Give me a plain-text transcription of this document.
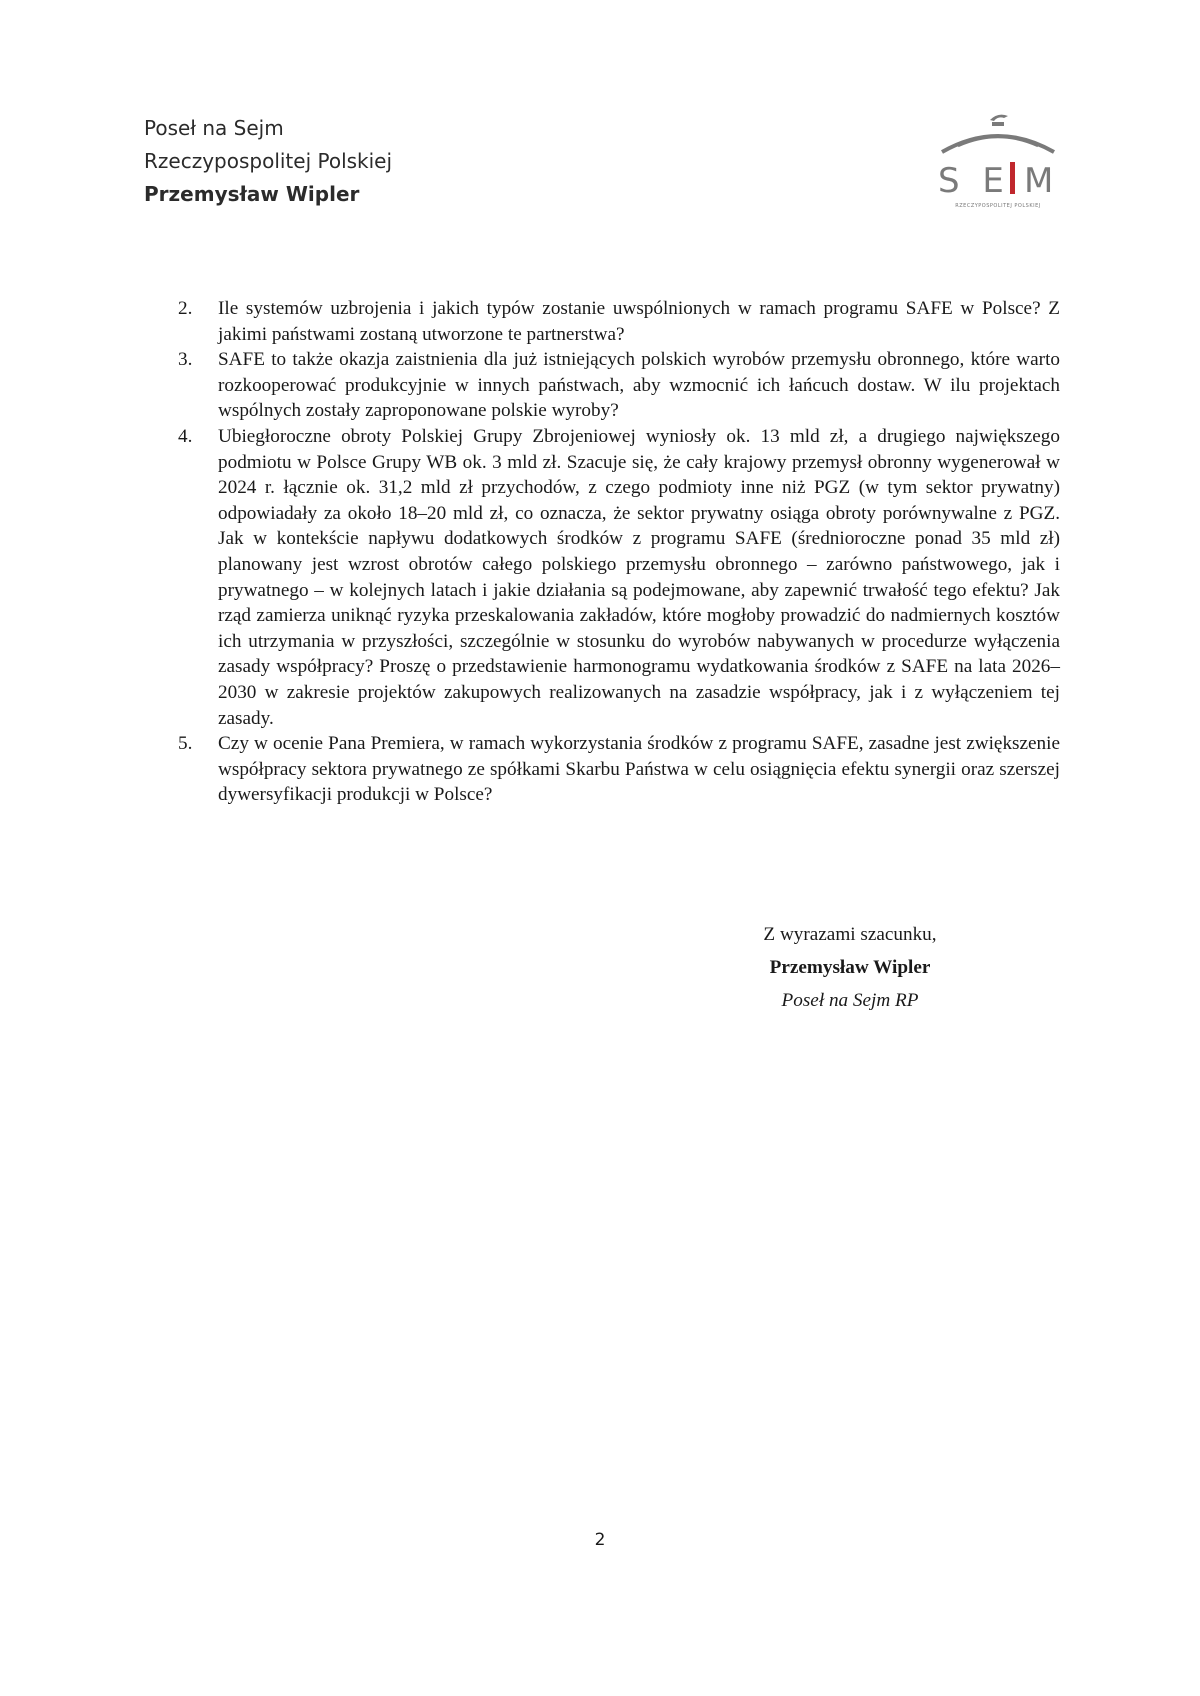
Poseł na Sejm
Rzeczypospolitej Polskiej
Przemysław Wipler	S E M
RZECZYPOSPOLITEJ POLSKIEJ
2. Ile systemów uzbrojenia i jakich typów zostanie uwspólnionych w ramach programu SAFE w Polsce? Z jakimi państwami zostaną utworzone te partnerstwa?
3. SAFE to także okazja zaistnienia dla już istniejących polskich wyrobów przemysłu obronnego, które warto rozkooperować produkcyjnie w innych państwach, aby wzmocnić ich łańcuch dostaw. W ilu projektach wspólnych zostały zaproponowane polskie wyroby?
4. Ubiegłoroczne obroty Polskiej Grupy Zbrojeniowej wyniosły ok. 13 mld zł, a drugiego największego podmiotu w Polsce Grupy WB ok. 3 mld zł. Szacuje się, że cały krajowy przemysł obronny wygenerował w 2024 r. łącznie ok. 31,2 mld zł przychodów, z czego podmioty inne niż PGZ (w tym sektor prywatny) odpowiadały za około 18–20 mld zł, co oznacza, że sektor prywatny osiąga obroty porównywalne z PGZ. Jak w kontekście napływu dodatkowych środków z programu SAFE (średnioroczne ponad 35 mld zł) planowany jest wzrost obrotów całego polskiego przemysłu obronnego – zarówno państwowego, jak i prywatnego – w kolejnych latach i jakie działania są podejmowane, aby zapewnić trwałość tego efektu? Jak rząd zamierza uniknąć ryzyka przeskalowania zakładów, które mogłoby prowadzić do nadmiernych kosztów ich utrzymania w przyszłości, szczególnie w stosunku do wyrobów nabywanych w procedurze wyłączenia zasady współpracy? Proszę o przedstawienie harmonogramu wydatkowania środków z SAFE na lata 2026–2030 w zakresie projektów zakupowych realizowanych na zasadzie współpracy, jak i z wyłączeniem tej zasady.
5. Czy w ocenie Pana Premiera, w ramach wykorzystania środków z programu SAFE, zasadne jest zwiększenie współpracy sektora prywatnego ze spółkami Skarbu Państwa w celu osiągnięcia efektu synergii oraz szerszej dywersyfikacji produkcji w Polsce?
Z wyrazami szacunku,
Przemysław Wipler
Poseł na Sejm RP
2
